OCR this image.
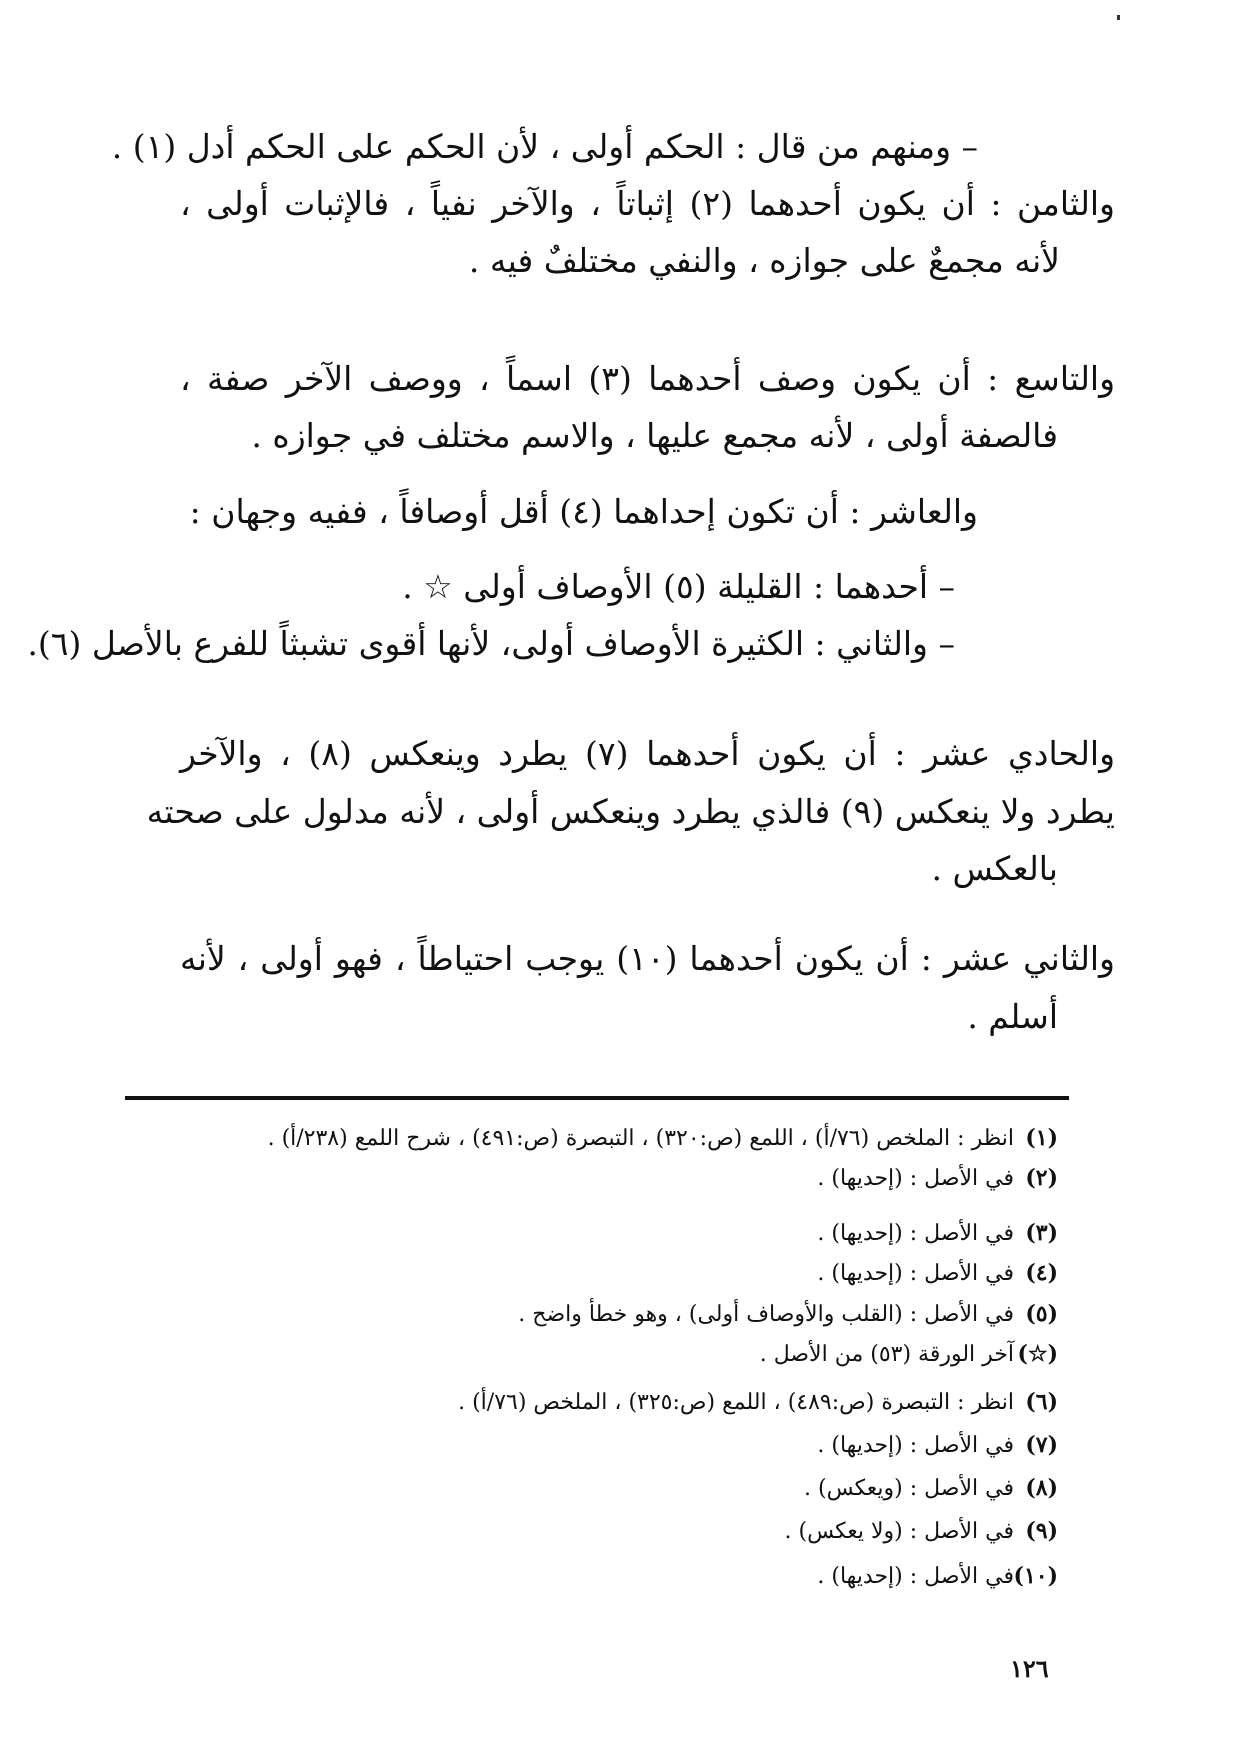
– ومنهم من قال : الحكم أولى ، لأن الحكم على الحكم أدل (١) .
والثامن : أن يكون أحدهما (٢) إثباتاً ، والآخر نفياً ، فالإثبات أولى ،
لأنه مجمعٌ على جوازه ، والنفي مختلفٌ فيه .
والتاسع : أن يكون وصف أحدهما (٣) اسماً ، ووصف الآخر صفة ،
فالصفة أولى ، لأنه مجمع عليها ، والاسم مختلف في جوازه .
والعاشر : أن تكون إحداهما (٤) أقل أوصافاً ، ففيه وجهان :
– أحدهما : القليلة (٥) الأوصاف أولى ☆ .
– والثاني : الكثيرة الأوصاف أولى، لأنها أقوى تشبثاً للفرع بالأصل (٦).
والحادي عشر : أن يكون أحدهما (٧) يطرد وينعكس (٨) ، والآخر
يطرد ولا ينعكس (٩) فالذي يطرد وينعكس أولى ، لأنه مدلول على صحته
بالعكس .
والثاني عشر : أن يكون أحدهما (١٠) يوجب احتياطاً ، فهو أولى ، لأنه
أسلم .
(١)انظر : الملخص (٧٦/أ) ، اللمع (ص:٣٢٠) ، التبصرة (ص:٤٩١) ، شرح اللمع (٢٣٨/أ) .
(٢)في الأصل : (إحديها) .
(٣)في الأصل : (إحديها) .
(٤)في الأصل : (إحديها) .
(٥)في الأصل : (القلب والأوصاف أولى) ، وهو خطأ واضح .
(☆)آخر الورقة (٥٣) من الأصل .
(٦)انظر : التبصرة (ص:٤٨٩) ، اللمع (ص:٣٢٥) ، الملخص (٧٦/أ) .
(٧)في الأصل : (إحديها) .
(٨)في الأصل : (ويعكس) .
(٩)في الأصل : (ولا يعكس) .
(١٠)في الأصل : (إحديها) .
١٢٦
